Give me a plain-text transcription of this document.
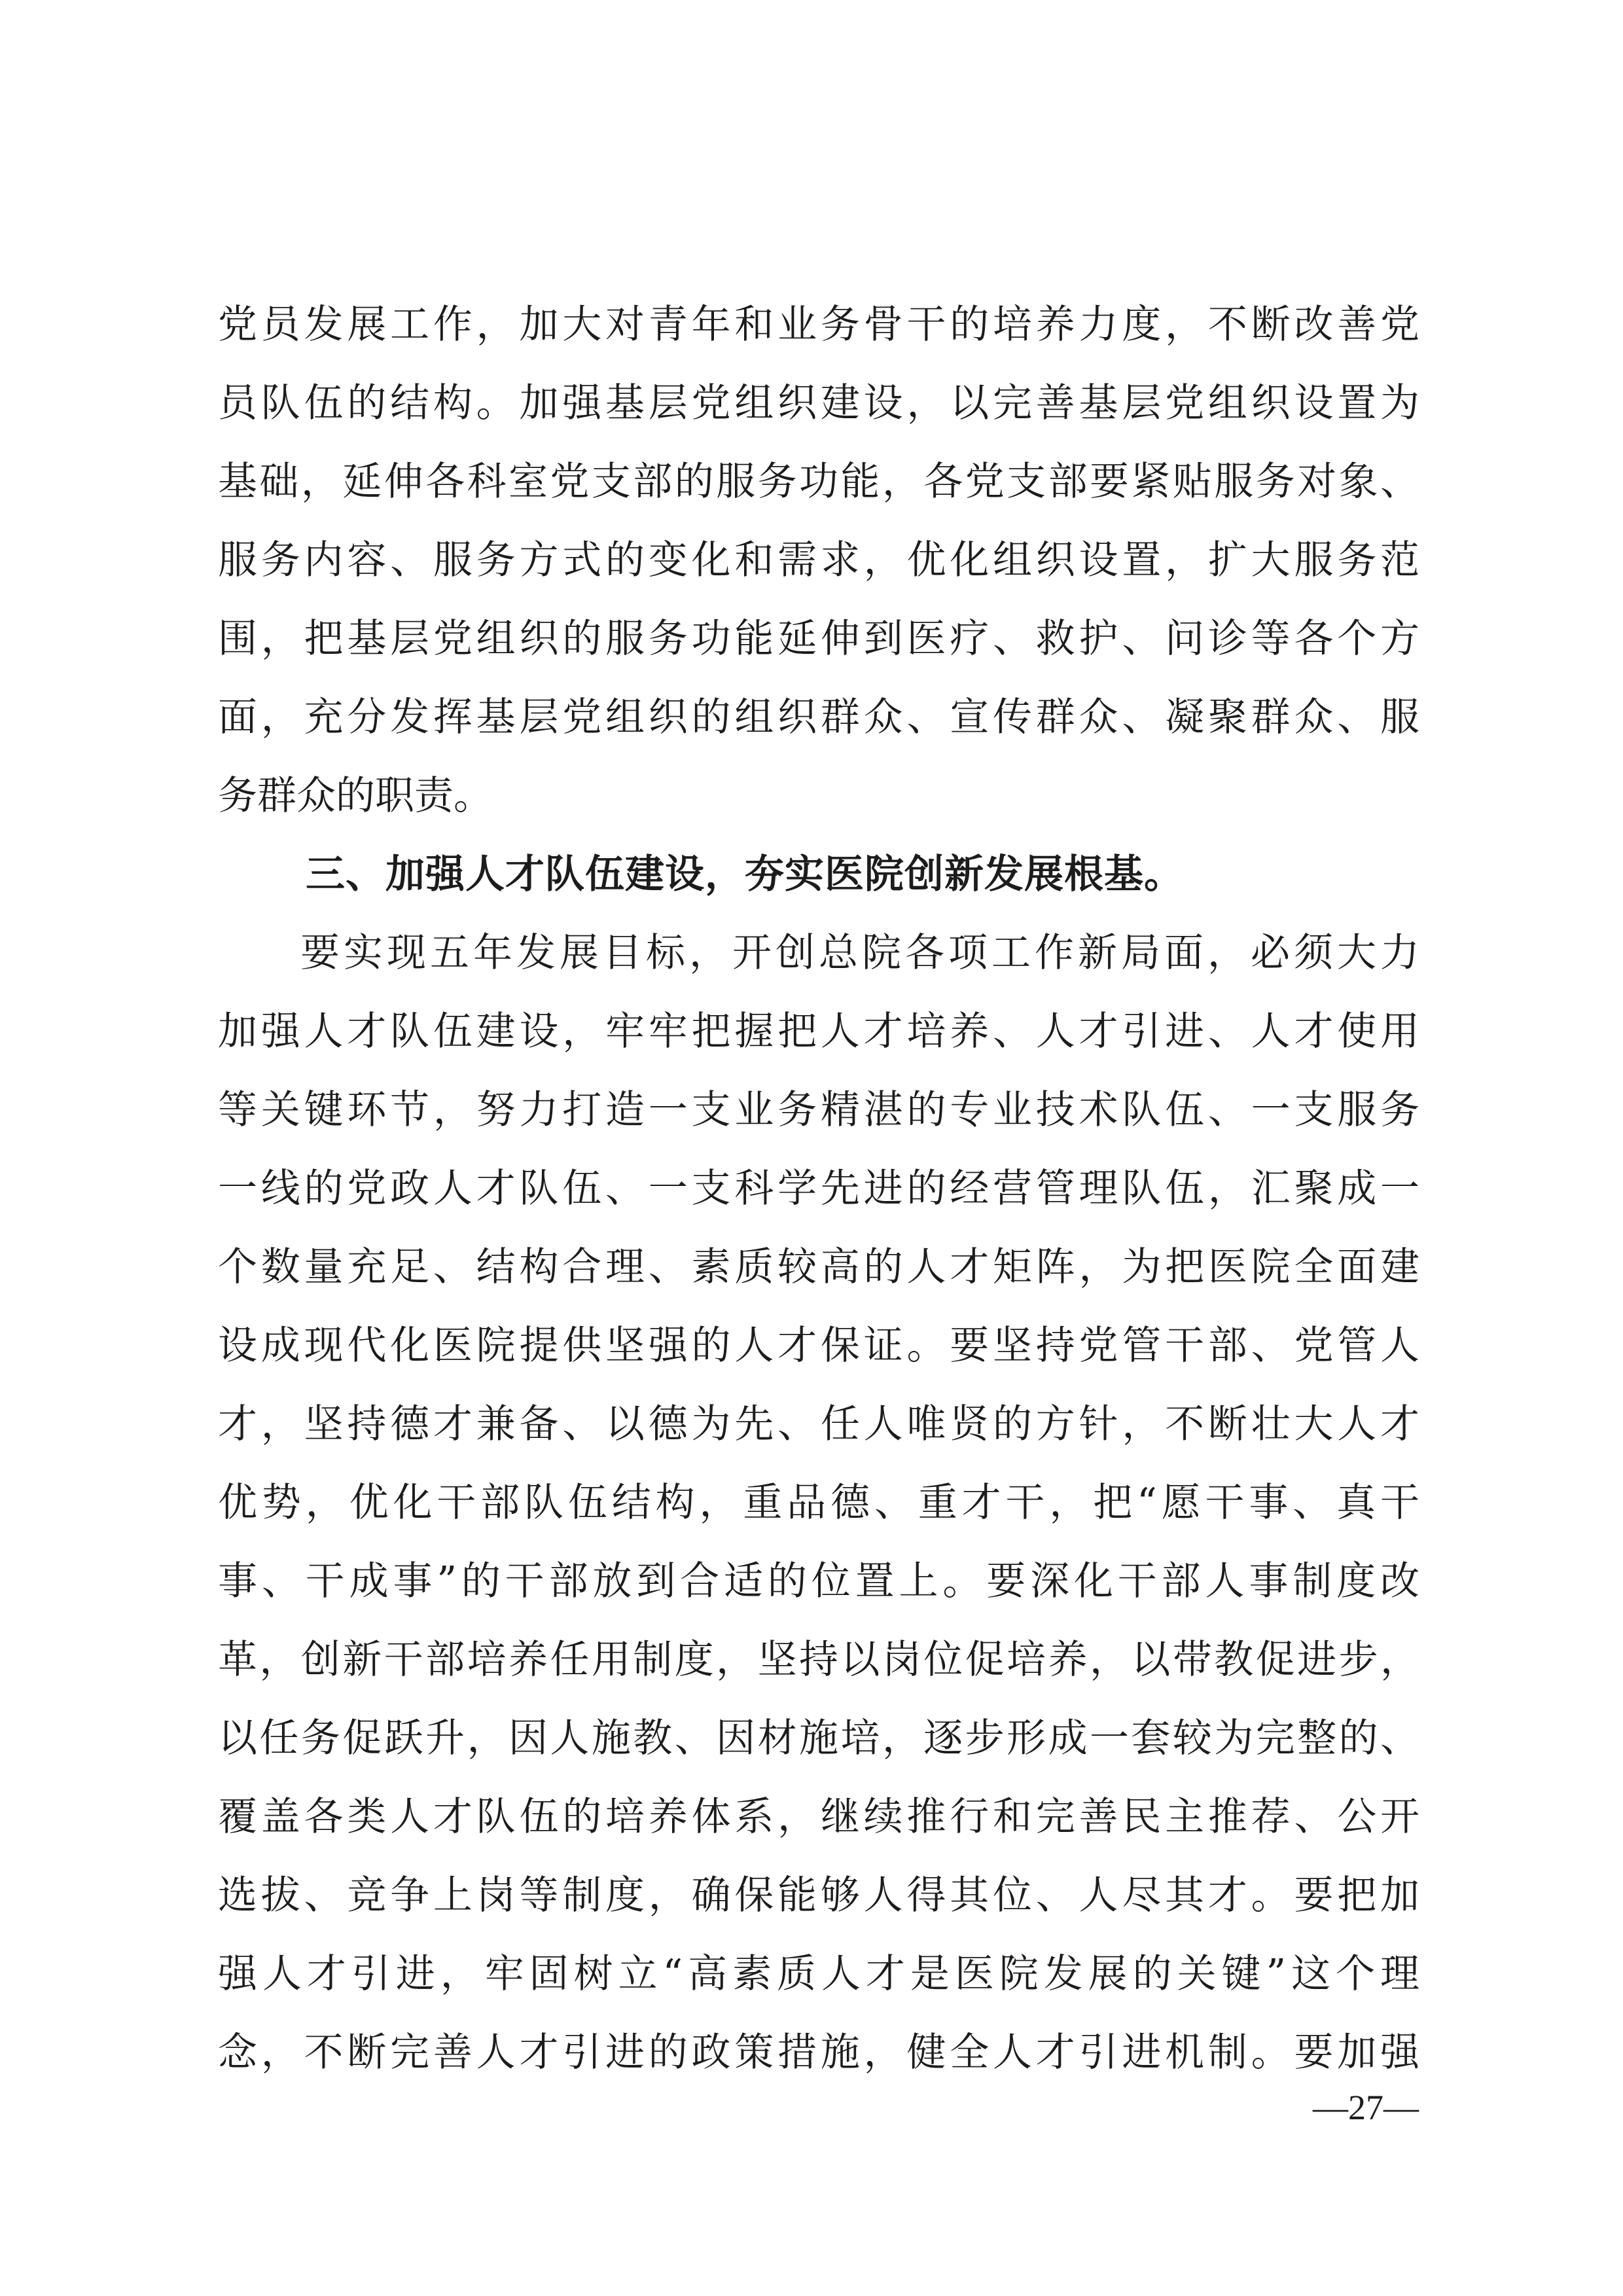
党员发展工作，加大对青年和业务骨干的培养力度，不断改善党
员队伍的结构。加强基层党组织建设，以完善基层党组织设置为
基础，延伸各科室党支部的服务功能，各党支部要紧贴服务对象、
服务内容、服务方式的变化和需求，优化组织设置，扩大服务范
围，把基层党组织的服务功能延伸到医疗、救护、问诊等各个方
面，充分发挥基层党组织的组织群众、宣传群众、凝聚群众、服
务群众的职责。
三、加强人才队伍建设，夯实医院创新发展根基。
要实现五年发展目标，开创总院各项工作新局面，必须大力
加强人才队伍建设，牢牢把握把人才培养、人才引进、人才使用
等关键环节，努力打造一支业务精湛的专业技术队伍、一支服务
一线的党政人才队伍、一支科学先进的经营管理队伍，汇聚成一
个数量充足、结构合理、素质较高的人才矩阵，为把医院全面建
设成现代化医院提供坚强的人才保证。要坚持党管干部、党管人
才，坚持德才兼备、以德为先、任人唯贤的方针，不断壮大人才
优势，优化干部队伍结构，重品德、重才干，把“愿干事、真干
事、干成事”的干部放到合适的位置上。要深化干部人事制度改
革，创新干部培养任用制度，坚持以岗位促培养，以带教促进步，
以任务促跃升，因人施教、因材施培，逐步形成一套较为完整的、
覆盖各类人才队伍的培养体系，继续推行和完善民主推荐、公开
选拔、竞争上岗等制度，确保能够人得其位、人尽其才。要把加
强人才引进，牢固树立“高素质人才是医院发展的关键”这个理
念，不断完善人才引进的政策措施，健全人才引进机制。要加强
—27—
